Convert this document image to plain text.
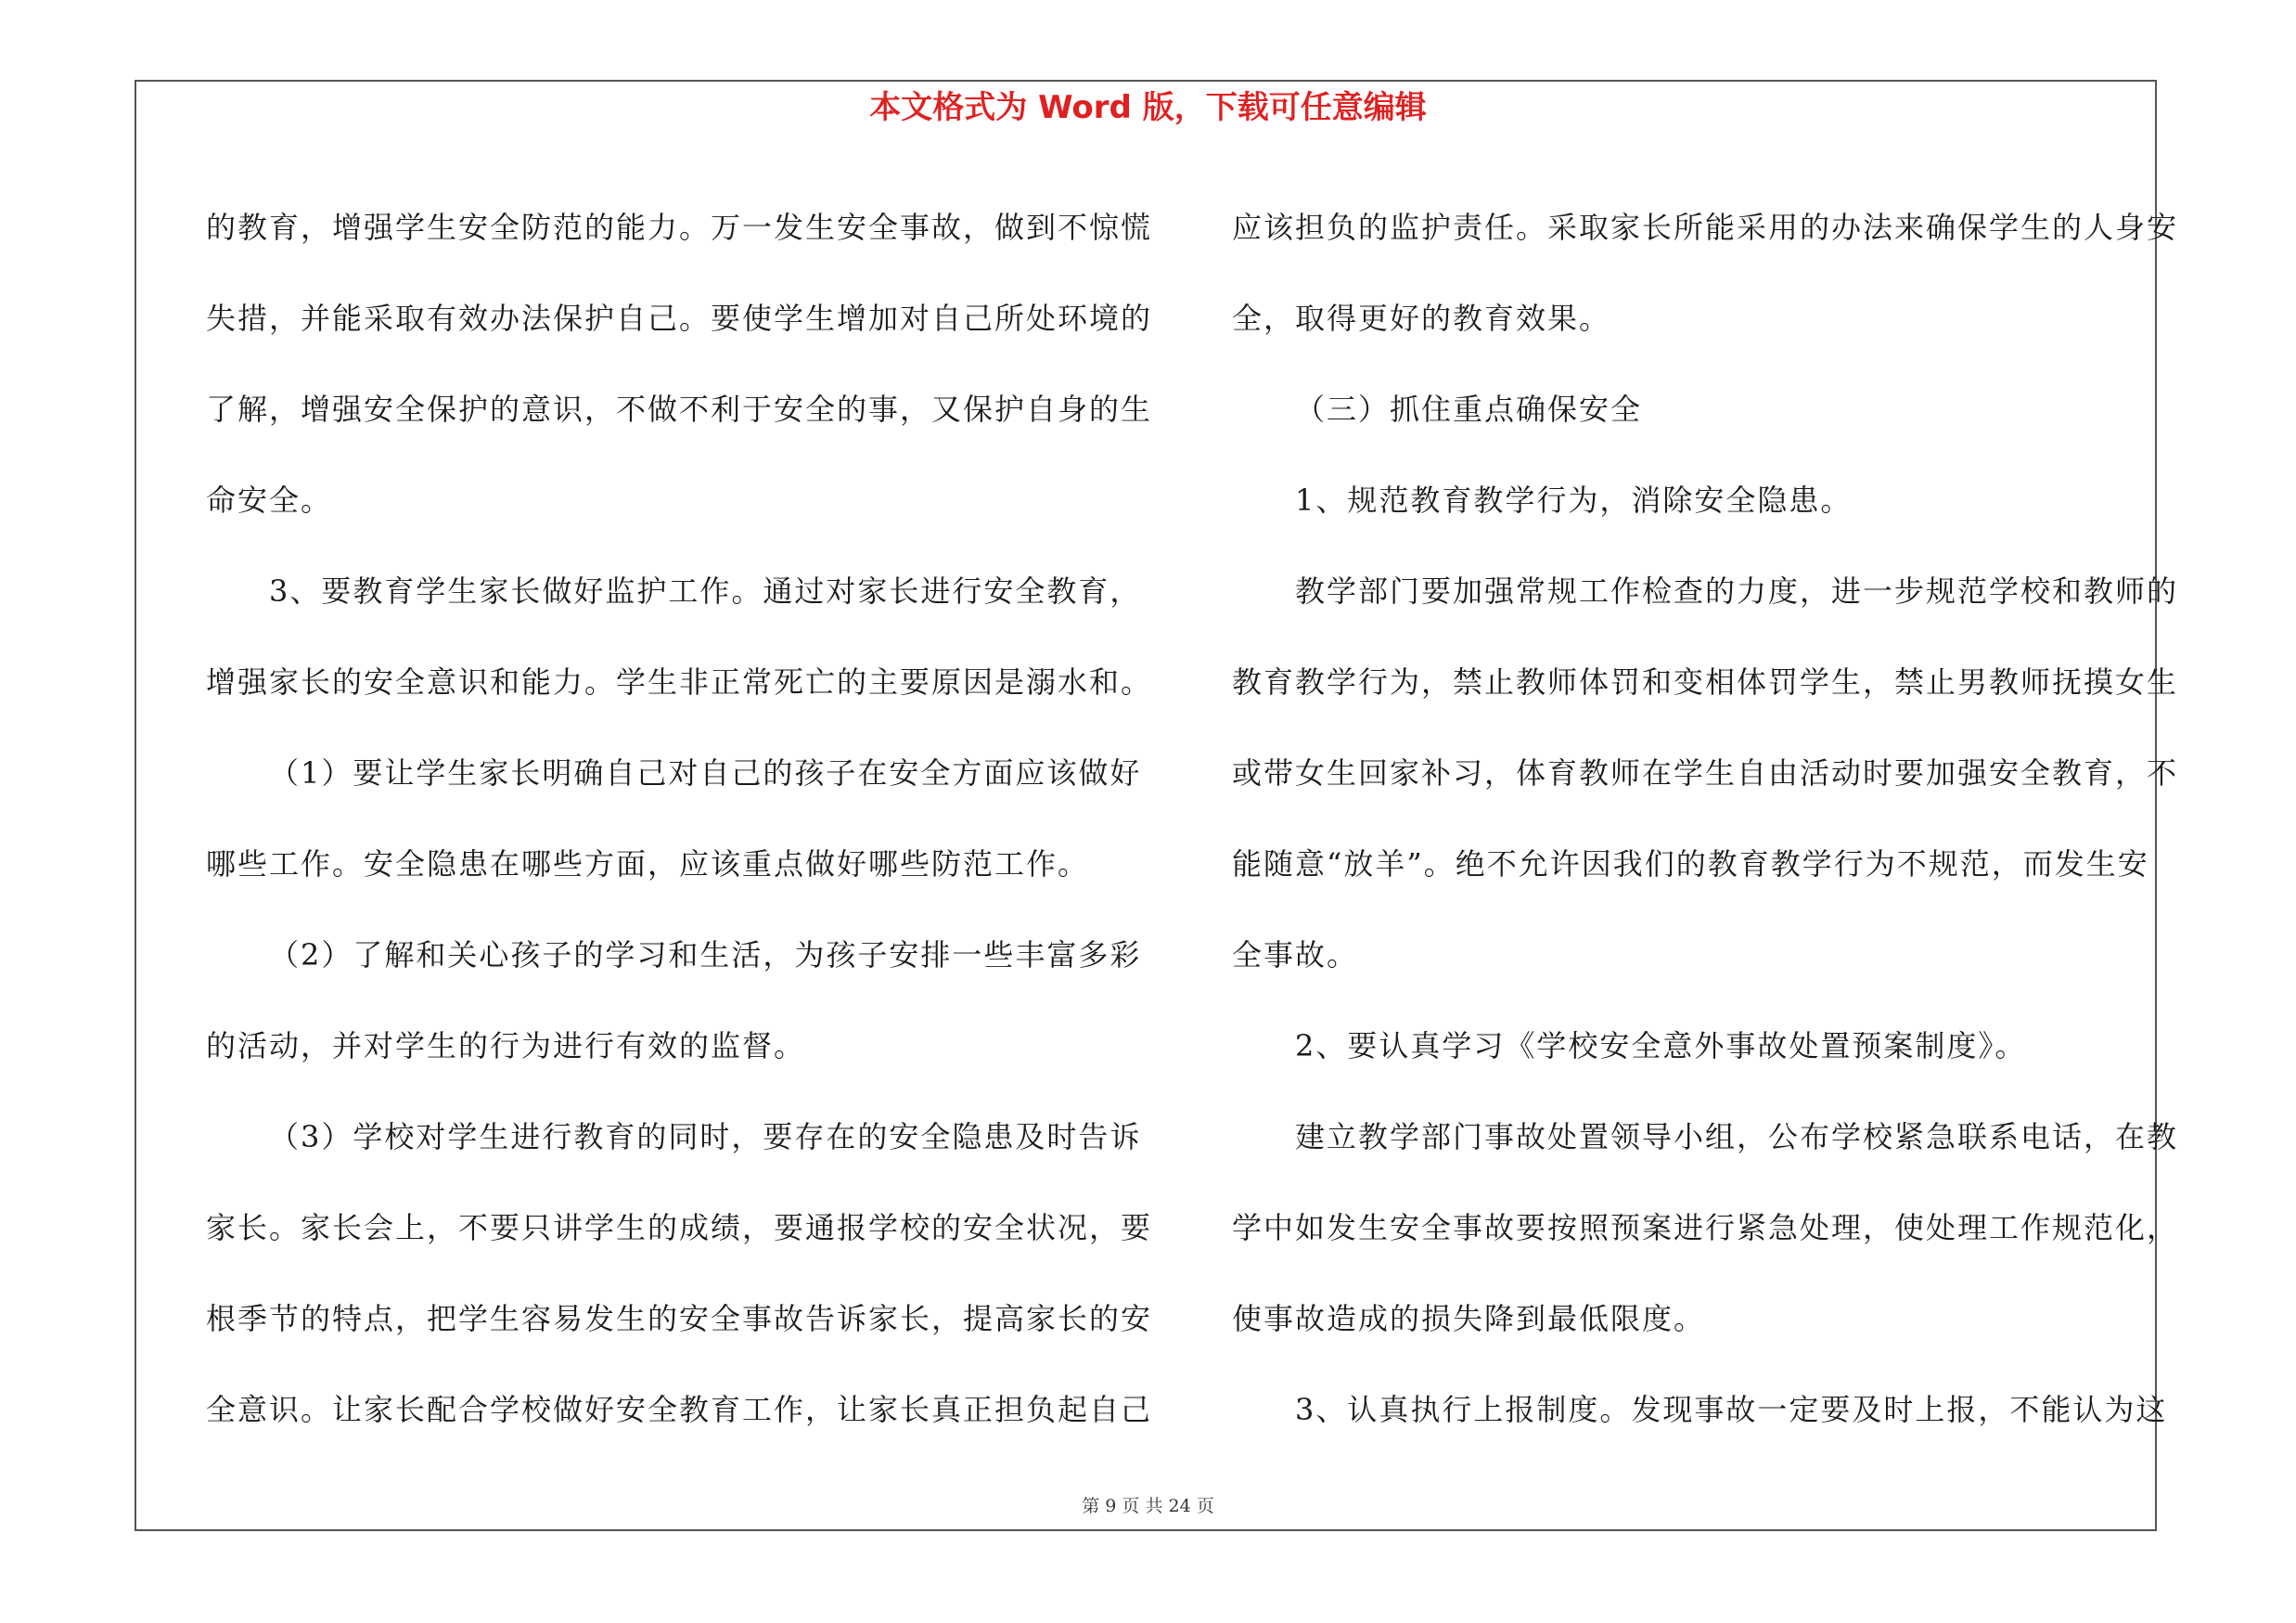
本文格式为 Word 版，下载可任意编辑
的教育，增强学生安全防范的能力。万一发生安全事故，做到不惊慌
失措，并能采取有效办法保护自己。要使学生增加对自己所处环境的
了解，增强安全保护的意识，不做不利于安全的事，又保护自身的生
命安全。
3、要教育学生家长做好监护工作。通过对家长进行安全教育，
增强家长的安全意识和能力。学生非正常死亡的主要原因是溺水和。
（1）要让学生家长明确自己对自己的孩子在安全方面应该做好
哪些工作。安全隐患在哪些方面，应该重点做好哪些防范工作。
（2）了解和关心孩子的学习和生活，为孩子安排一些丰富多彩
的活动，并对学生的行为进行有效的监督。
（3）学校对学生进行教育的同时，要存在的安全隐患及时告诉
家长。家长会上，不要只讲学生的成绩，要通报学校的安全状况，要
根季节的特点，把学生容易发生的安全事故告诉家长，提高家长的安
全意识。让家长配合学校做好安全教育工作，让家长真正担负起自己
应该担负的监护责任。采取家长所能采用的办法来确保学生的人身安
全，取得更好的教育效果。
（三）抓住重点确保安全
1、规范教育教学行为，消除安全隐患。
教学部门要加强常规工作检查的力度，进一步规范学校和教师的
教育教学行为，禁止教师体罚和变相体罚学生，禁止男教师抚摸女生
或带女生回家补习，体育教师在学生自由活动时要加强安全教育，不
能随意“放羊”。绝不允许因我们的教育教学行为不规范，而发生安
全事故。
2、要认真学习《学校安全意外事故处置预案制度》。
建立教学部门事故处置领导小组，公布学校紧急联系电话，在教
学中如发生安全事故要按照预案进行紧急处理，使处理工作规范化，
使事故造成的损失降到最低限度。
3、认真执行上报制度。发现事故一定要及时上报，不能认为这
第 9 页 共 24 页
